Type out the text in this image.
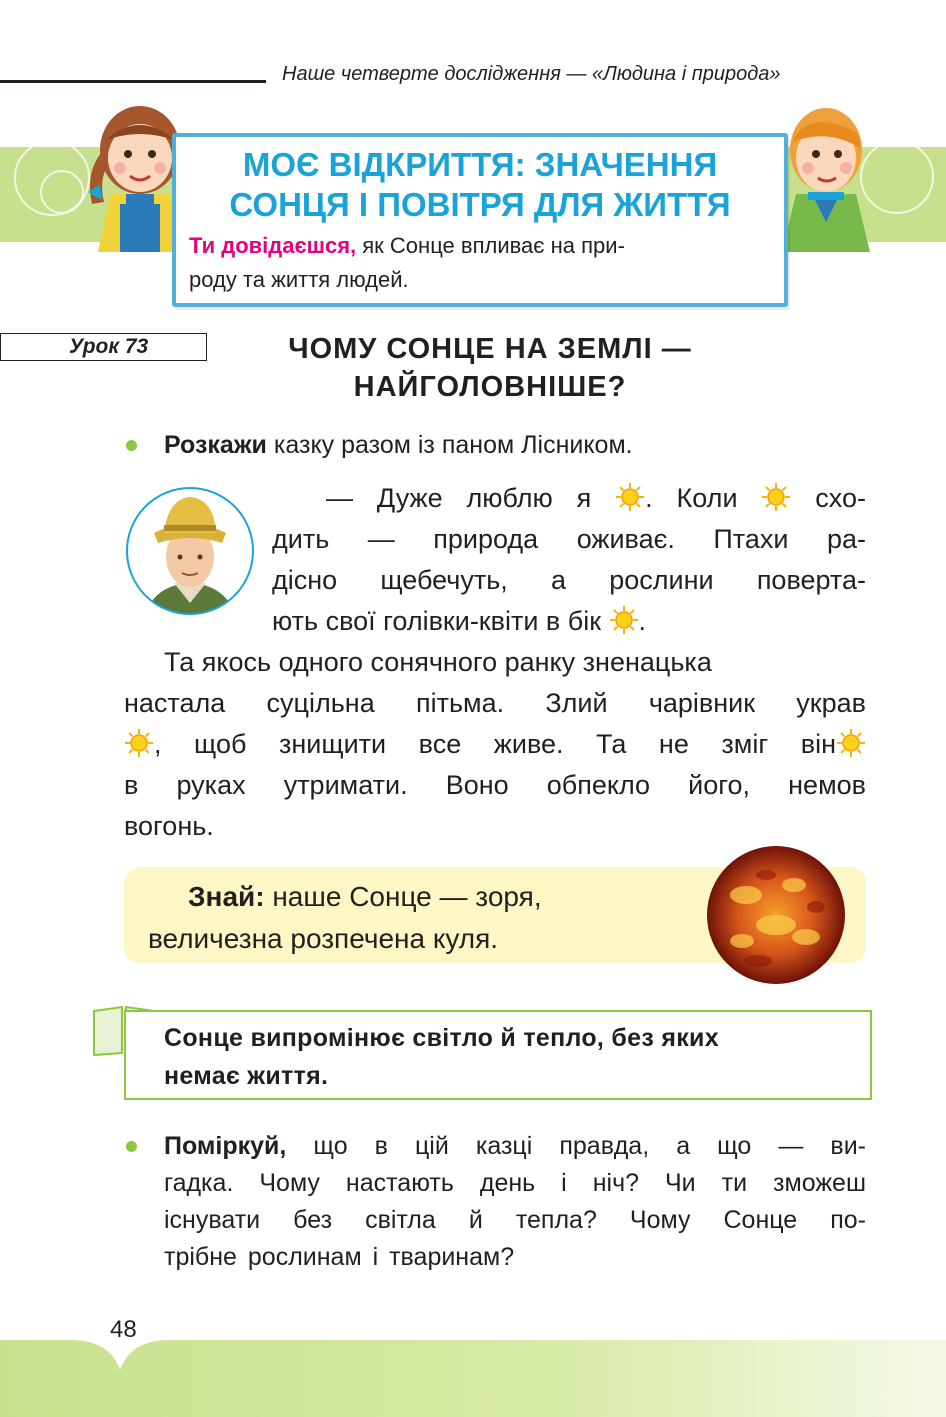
Наше четверте дослідження — «Людина і природа»
МОЄ ВІДКРИТТЯ: ЗНАЧЕННЯ
СОНЦЯ І ПОВІТРЯ ДЛЯ ЖИТТЯ
Ти довідаєшся, як Сонце впливає на при-
роду та життя людей.
Урок 73	ЧОМУ СОНЦЕ НА ЗЕМЛІ —
НАЙГОЛОВНІШЕ?
Розкажи казку разом із паном Лісником.
— Дуже люблю я . Коли  схо-
дить — природа оживає. Птахи ра-
дісно щебечуть, а рослини поверта-
ють свої голівки-квіти в бік .
Та якось одного сонячного ранку зненацька
настала суцільна пітьма. Злий чарівник украв
, щоб знищити все живе. Та не зміг він
в руках утримати. Воно обпекло його, немов
вогонь.
Знай: наше Сонце — зоря,
величезна розпечена куля.
Сонце випромінює світло й тепло, без яких
немає життя.
Поміркуй, що в цій казці правда, а що — ви-
гадка. Чому настають день і ніч? Чи ти зможеш
існувати без світла й тепла? Чому Сонце по-
трібне рослинам і тваринам?
48
